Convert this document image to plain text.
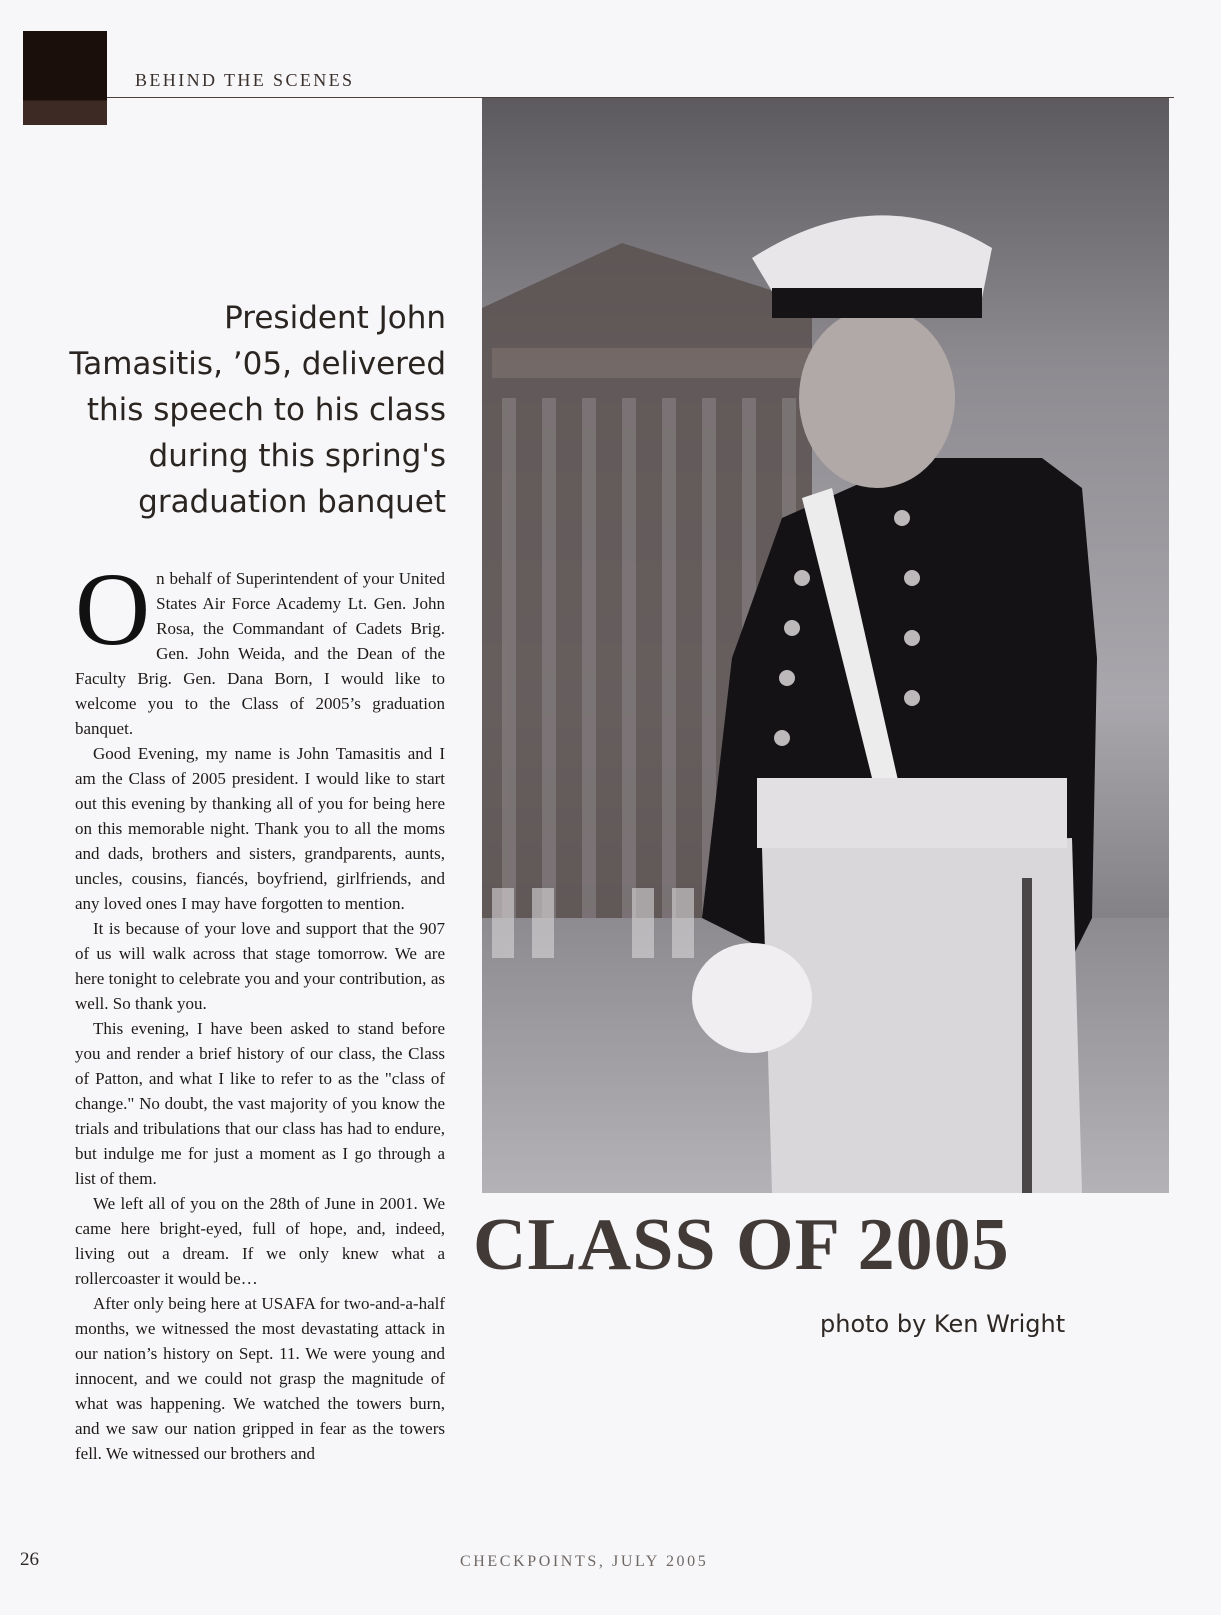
BEHIND THE SCENES
President John
Tamasitis, ’05, delivered
this speech to his class
during this spring's
graduation banquet

On behalf of Superintendent of your United States Air Force Academy Lt. Gen. John Rosa, the Commandant of Cadets Brig. Gen. John Weida, and the Dean of the Faculty Brig. Gen. Dana Born, I would like to welcome you to the Class of 2005’s graduation banquet.

Good Evening, my name is John Tamasitis and I am the Class of 2005 president. I would like to start out this evening by thanking all of you for being here on this memorable night. Thank you to all the moms and dads, brothers and sisters, grandparents, aunts, uncles, cousins, fiancés, boyfriend, girlfriends, and any loved ones I may have forgotten to mention.

It is because of your love and support that the 907 of us will walk across that stage tomorrow. We are here tonight to celebrate you and your contribution, as well. So thank you.

This evening, I have been asked to stand before you and render a brief history of our class, the Class of Patton, and what I like to refer to as the "class of change." No doubt, the vast majority of you know the trials and tribulations that our class has had to endure, but indulge me for just a moment as I go through a list of them.

We left all of you on the 28th of June in 2001. We came here bright-eyed, full of hope, and, indeed, living out a dream. If we only knew what a rollercoaster it would be…

After only being here at USAFA for two-and-a-half months, we witnessed the most devastating attack in our nation’s history on Sept. 11. We were young and innocent, and we could not grasp the magnitude of what was happening. We watched the towers burn, and we saw our nation gripped in fear as the towers fell. We witnessed our brothers and

CLASS OF 2005
photo by Ken Wright
26	CHECKPOINTS, JULY 2005
